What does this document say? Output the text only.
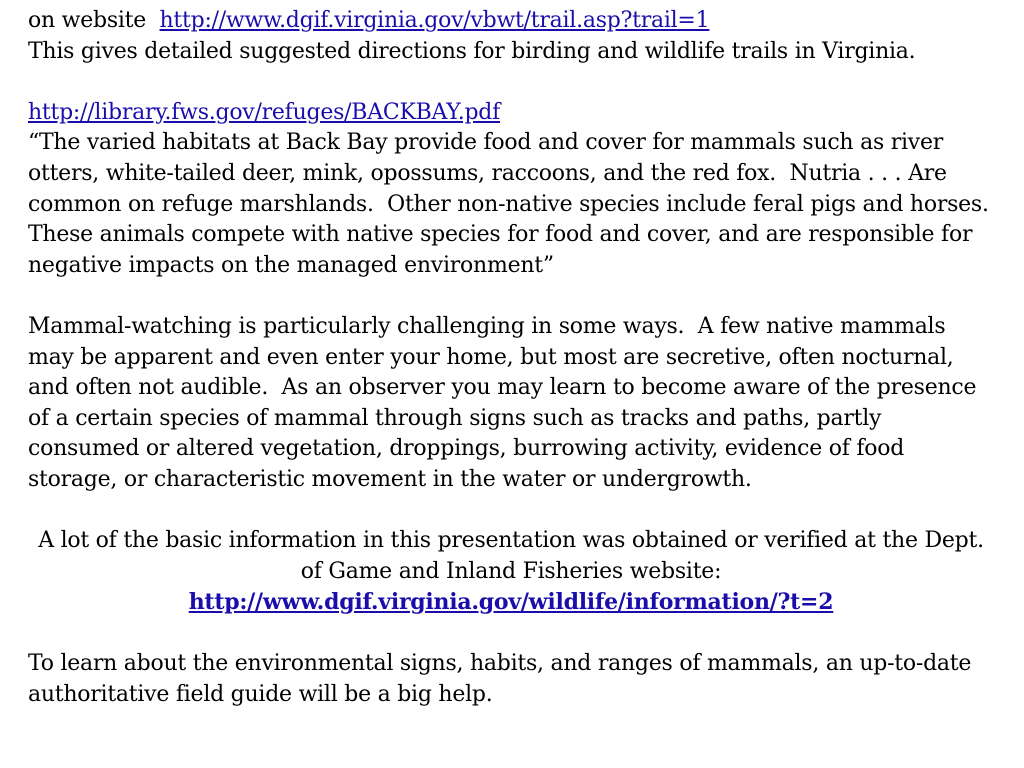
on website  http://www.dgif.virginia.gov/vbwt/trail.asp?trail=1

This gives detailed suggested directions for birding and wildlife trails in Virginia.

http://library.fws.gov/refuges/BACKBAY.pdf

“The varied habitats at Back Bay provide food and cover for mammals such as river otters, white-tailed deer, mink, opossums, raccoons, and the red fox.  Nutria . . . Are common on refuge marshlands.  Other non-native species include feral pigs and horses. These animals compete with native species for food and cover, and are responsible for negative impacts on the managed environment”

Mammal-watching is particularly challenging in some ways.  A few native mammals may be apparent and even enter your home, but most are secretive, often nocturnal, and often not audible.  As an observer you may learn to become aware of the presence of a certain species of mammal through signs such as tracks and paths, partly consumed or altered vegetation, droppings, burrowing activity, evidence of food storage, or characteristic movement in the water or undergrowth.

A lot of the basic information in this presentation was obtained or verified at the Dept. of Game and Inland Fisheries website:

http://www.dgif.virginia.gov/wildlife/information/?t=2

To learn about the environmental signs, habits, and ranges of mammals, an up-to-date authoritative field guide will be a big help.
